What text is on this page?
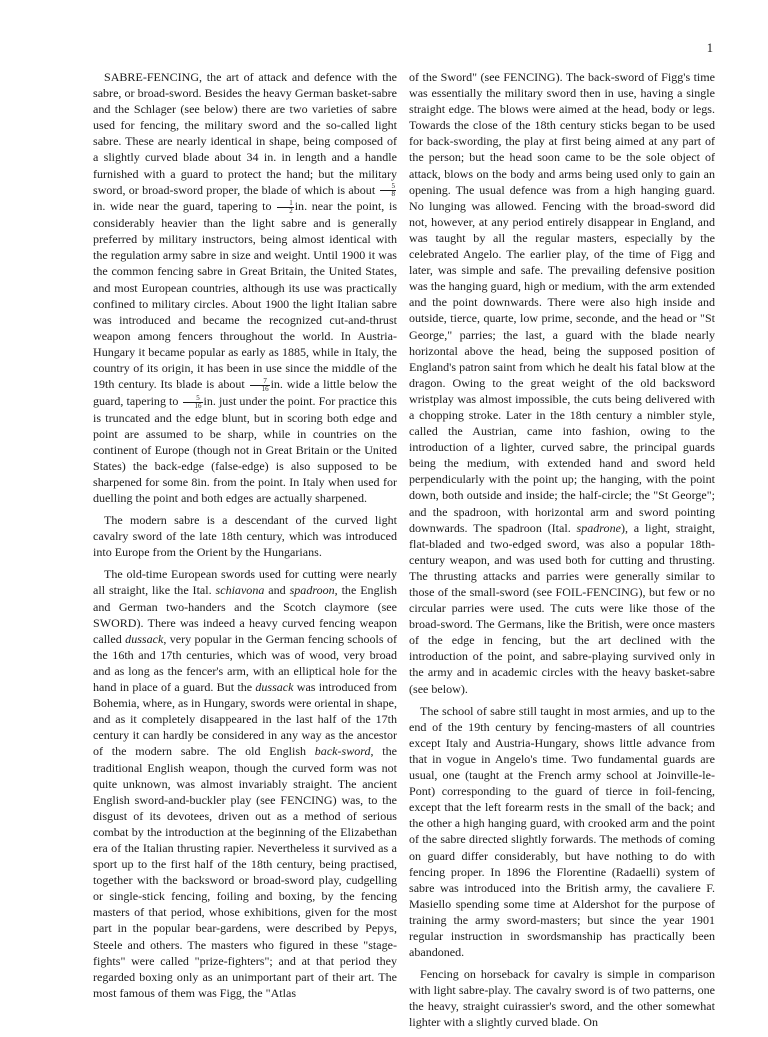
1

SABRE-FENCING, the art of attack and defence with the sabre, or broad-sword. Besides the heavy German basket-sabre and the Schlager (see below) there are two varieties of sabre used for fencing, the military sword and the so-called light sabre. These are nearly identical in shape, being composed of a slightly curved blade about 34 in. in length and a handle furnished with a guard to protect the hand; but the military sword, or broad-sword proper, the blade of which is about $\frac{5}{8}$
in. wide near the guard, tapering to $\frac{1}{2}$ in. near the point, is considerably heavier than the light sabre and is generally preferred by military instructors, being almost identical with the regulation army sabre in size and weight. Until 1900 it was the common fencing sabre in Great Britain, the United States, and most European countries, although its use was practically confined to military circles. About 1900 the light Italian sabre was introduced and became the recognized cut-and-thrust weapon among fencers throughout the world. In Austria-Hungary it became popular as early as 1885, while in Italy, the country of its origin, it has been in use since the middle of the 19th century. Its blade is about $\frac{7}{16}$ in. wide a little below the guard, tapering to $\frac{5}{16}$ in. just under the point. For practice this is truncated and the edge blunt, but in scoring both edge and point are assumed to be sharp, while in countries on the continent of Europe (though not in Great Britain or the United States) the back-edge (false-edge) is also supposed to be sharpened for some 8in. from the point. In Italy when used for duelling the point and both edges are actually sharpened.

The modern sabre is a descendant of the curved light cavalry sword of the late 18th century, which was introduced into Europe from the Orient by the Hungarians.

The old-time European swords used for cutting were nearly all straight, like the Ital. schiavona and spadroon, the English and German two-handers and the Scotch claymore (see SWORD). There was indeed a heavy curved fencing weapon called dussack, very popular in the German fencing schools of the 16th and 17th centuries, which was of wood, very broad and as long as the fencer's arm, with an elliptical hole for the hand in place of a guard. But the dussack was introduced from Bohemia, where, as in Hungary, swords were oriental in shape, and as it completely disappeared in the last half of the 17th century it can hardly be considered in any way as the ancestor of the modern sabre. The old English back-sword, the traditional English weapon, though the curved form was not quite unknown, was almost invariably straight. The ancient English sword-and-buckler play (see FENCING) was, to the disgust of its devotees, driven out as a method of serious combat by the introduction at the beginning of the Elizabethan era of the Italian thrusting rapier. Nevertheless it survived as a sport up to the first half of the 18th century, being practised, together with the backsword or broad-sword play, cudgelling or single-stick fencing, foiling and boxing, by the fencing masters of that period, whose exhibitions, given for the most part in the popular bear-gardens, were described by Pepys, Steele and others. The masters who figured in these "stage-fights" were called "prize-fighters"; and at that period they regarded boxing only as an unimportant part of their art. The most famous of them was Figg, the "Atlas

of the Sword" (see FENCING). The back-sword of Figg's time was essentially the military sword then in use, having a single straight edge. The blows were aimed at the head, body or legs. Towards the close of the 18th century sticks began to be used for back-swording, the play at first being aimed at any part of the person; but the head soon came to be the sole object of attack, blows on the body and arms being used only to gain an opening. The usual defence was from a high hanging guard. No lunging was allowed. Fencing with the broad-sword did not, however, at any period entirely disappear in England, and was taught by all the regular masters, especially by the celebrated Angelo. The earlier play, of the time of Figg and later, was simple and safe. The prevailing defensive position was the hanging guard, high or medium, with the arm extended and the point downwards. There were also high inside and outside, tierce, quarte, low prime, seconde, and the head or "St George," parries; the last, a guard with the blade nearly horizontal above the head, being the supposed position of England's patron saint from which he dealt his fatal blow at the dragon. Owing to the great weight of the old backsword wristplay was almost impossible, the cuts being delivered with a chopping stroke. Later in the 18th century a nimbler style, called the Austrian, came into fashion, owing to the introduction of a lighter, curved sabre, the principal guards being the medium, with extended hand and sword held perpendicularly with the point up; the hanging, with the point down, both outside and inside; the half-circle; the "St George"; and the spadroon, with horizontal arm and sword pointing downwards. The spadroon (Ital. spadrone), a light, straight, flat-bladed and two-edged sword, was also a popular 18th-century weapon, and was used both for cutting and thrusting. The thrusting attacks and parries were generally similar to those of the small-sword (see FOIL-FENCING), but few or no circular parries were used. The cuts were like those of the broad-sword. The Germans, like the British, were once masters of the edge in fencing, but the art declined with the introduction of the point, and sabre-playing survived only in the army and in academic circles with the heavy basket-sabre (see below).

The school of sabre still taught in most armies, and up to the end of the 19th century by fencing-masters of all countries except Italy and Austria-Hungary, shows little advance from that in vogue in Angelo's time. Two fundamental guards are usual, one (taught at the French army school at Joinville-le-Pont) corresponding to the guard of tierce in foil-fencing, except that the left forearm rests in the small of the back; and the other a high hanging guard, with crooked arm and the point of the sabre directed slightly forwards. The methods of coming on guard differ considerably, but have nothing to do with fencing proper. In 1896 the Florentine (Radaelli) system of sabre was introduced into the British army, the cavaliere F. Masiello spending some time at Aldershot for the purpose of training the army sword-masters; but since the year 1901 regular instruction in swordsmanship has practically been abandoned.

Fencing on horseback for cavalry is simple in comparison with light sabre-play. The cavalry sword is of two patterns, one the heavy, straight cuirassier's sword, and the other somewhat lighter with a slightly curved blade. On
